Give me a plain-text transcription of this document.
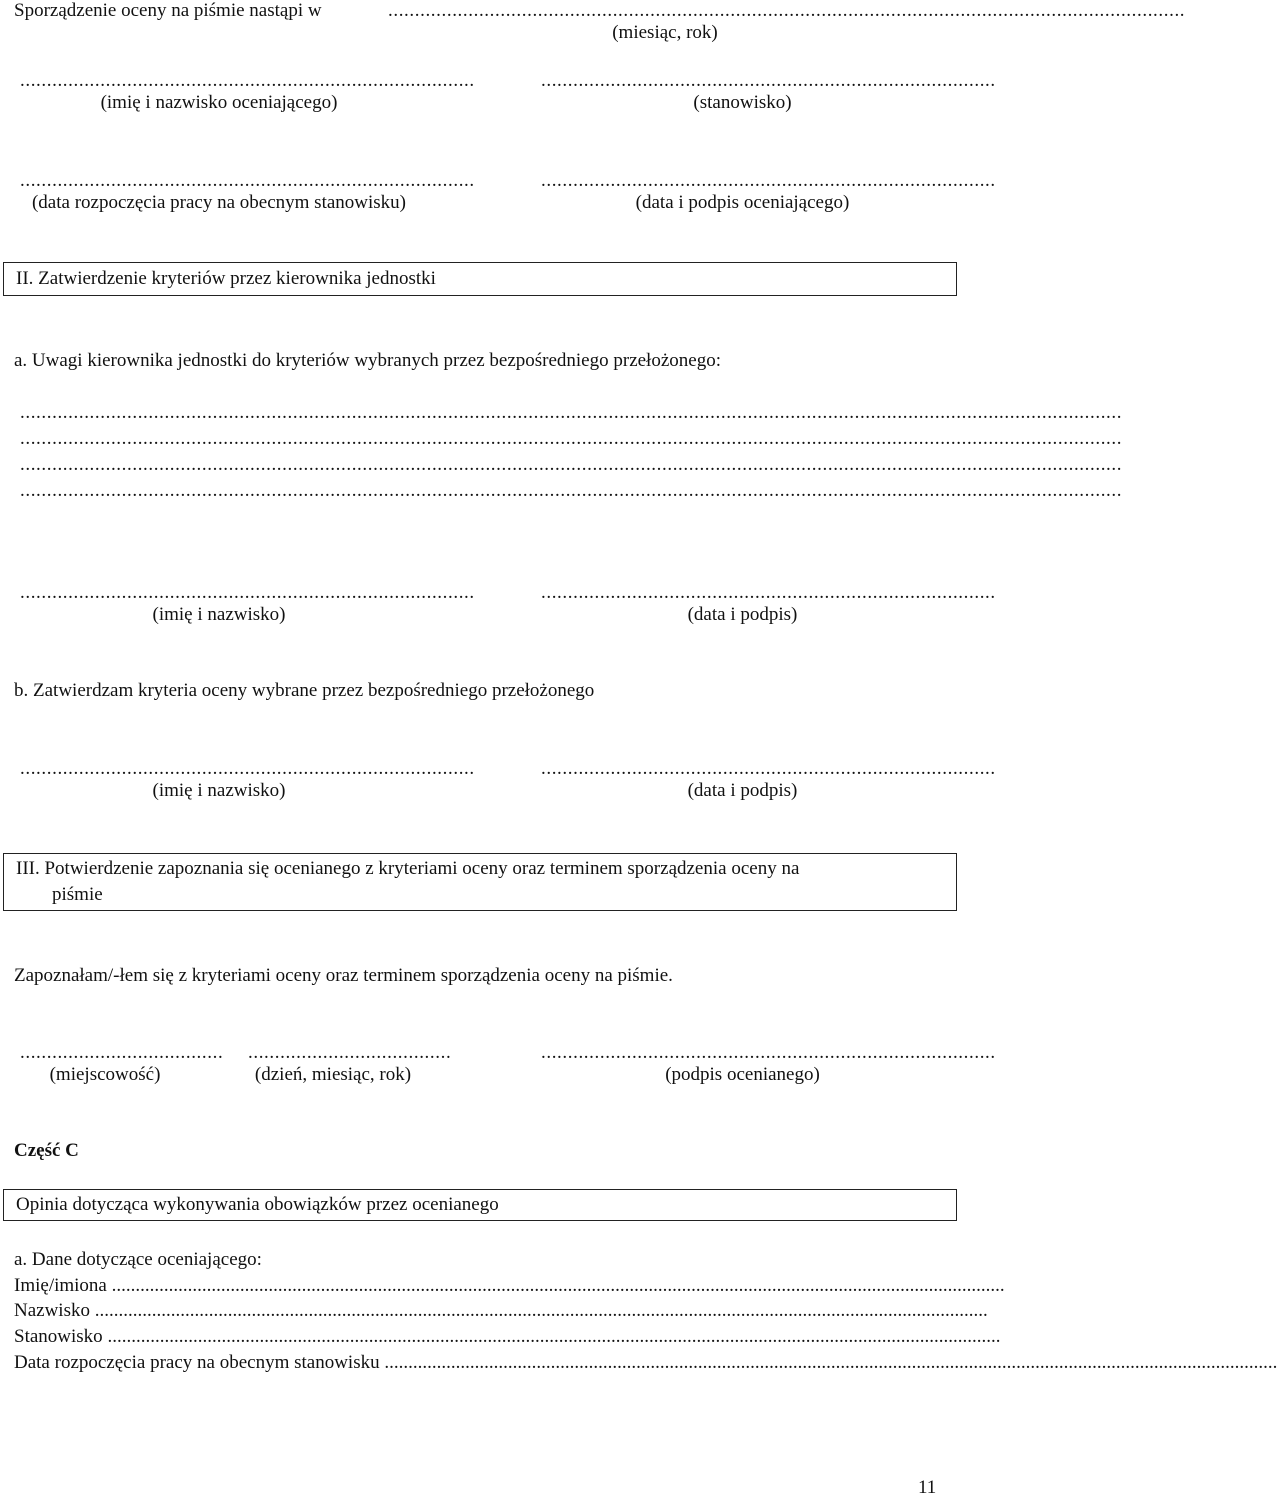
Sporządzenie oceny na piśmie nastąpi w	.....................................................................................................................................................
(miesiąc, rok)
.....................................................................................
(imię i nazwisko oceniającego)
.....................................................................................
(stanowisko)
.....................................................................................
(data rozpoczęcia pracy na obecnym stanowisku)
.....................................................................................
(data i podpis oceniającego)
II. Zatwierdzenie kryteriów przez kierownika jednostki
a. Uwagi kierownika jednostki do kryteriów wybranych przez bezpośredniego przełożonego:
..............................................................................................................................................................................................................
..............................................................................................................................................................................................................
..............................................................................................................................................................................................................
..............................................................................................................................................................................................................
.....................................................................................
(imię i nazwisko)
.....................................................................................
(data i podpis)
b. Zatwierdzam kryteria oceny wybrane przez bezpośredniego przełożonego
.....................................................................................
(imię i nazwisko)
.....................................................................................
(data i podpis)
III. Potwierdzenie zapoznania się ocenianego z kryteriami oceny oraz terminem sporządzenia oceny na
piśmie
Zapoznałam/-łem się z kryteriami oceny oraz terminem sporządzenia oceny na piśmie.
......................................
(miejscowość)
......................................
(dzień, miesiąc, rok)
.....................................................................................
(podpis ocenianego)
Część C
Opinia dotycząca wykonywania obowiązków przez ocenianego
a. Dane dotyczące oceniającego:
Imię/imiona ............................................................................................................................................................................................
Nazwisko ............................................................................................................................................................................................
Stanowisko ............................................................................................................................................................................................
Data rozpoczęcia pracy na obecnym stanowisku ............................................................................................................................................................................................
11
